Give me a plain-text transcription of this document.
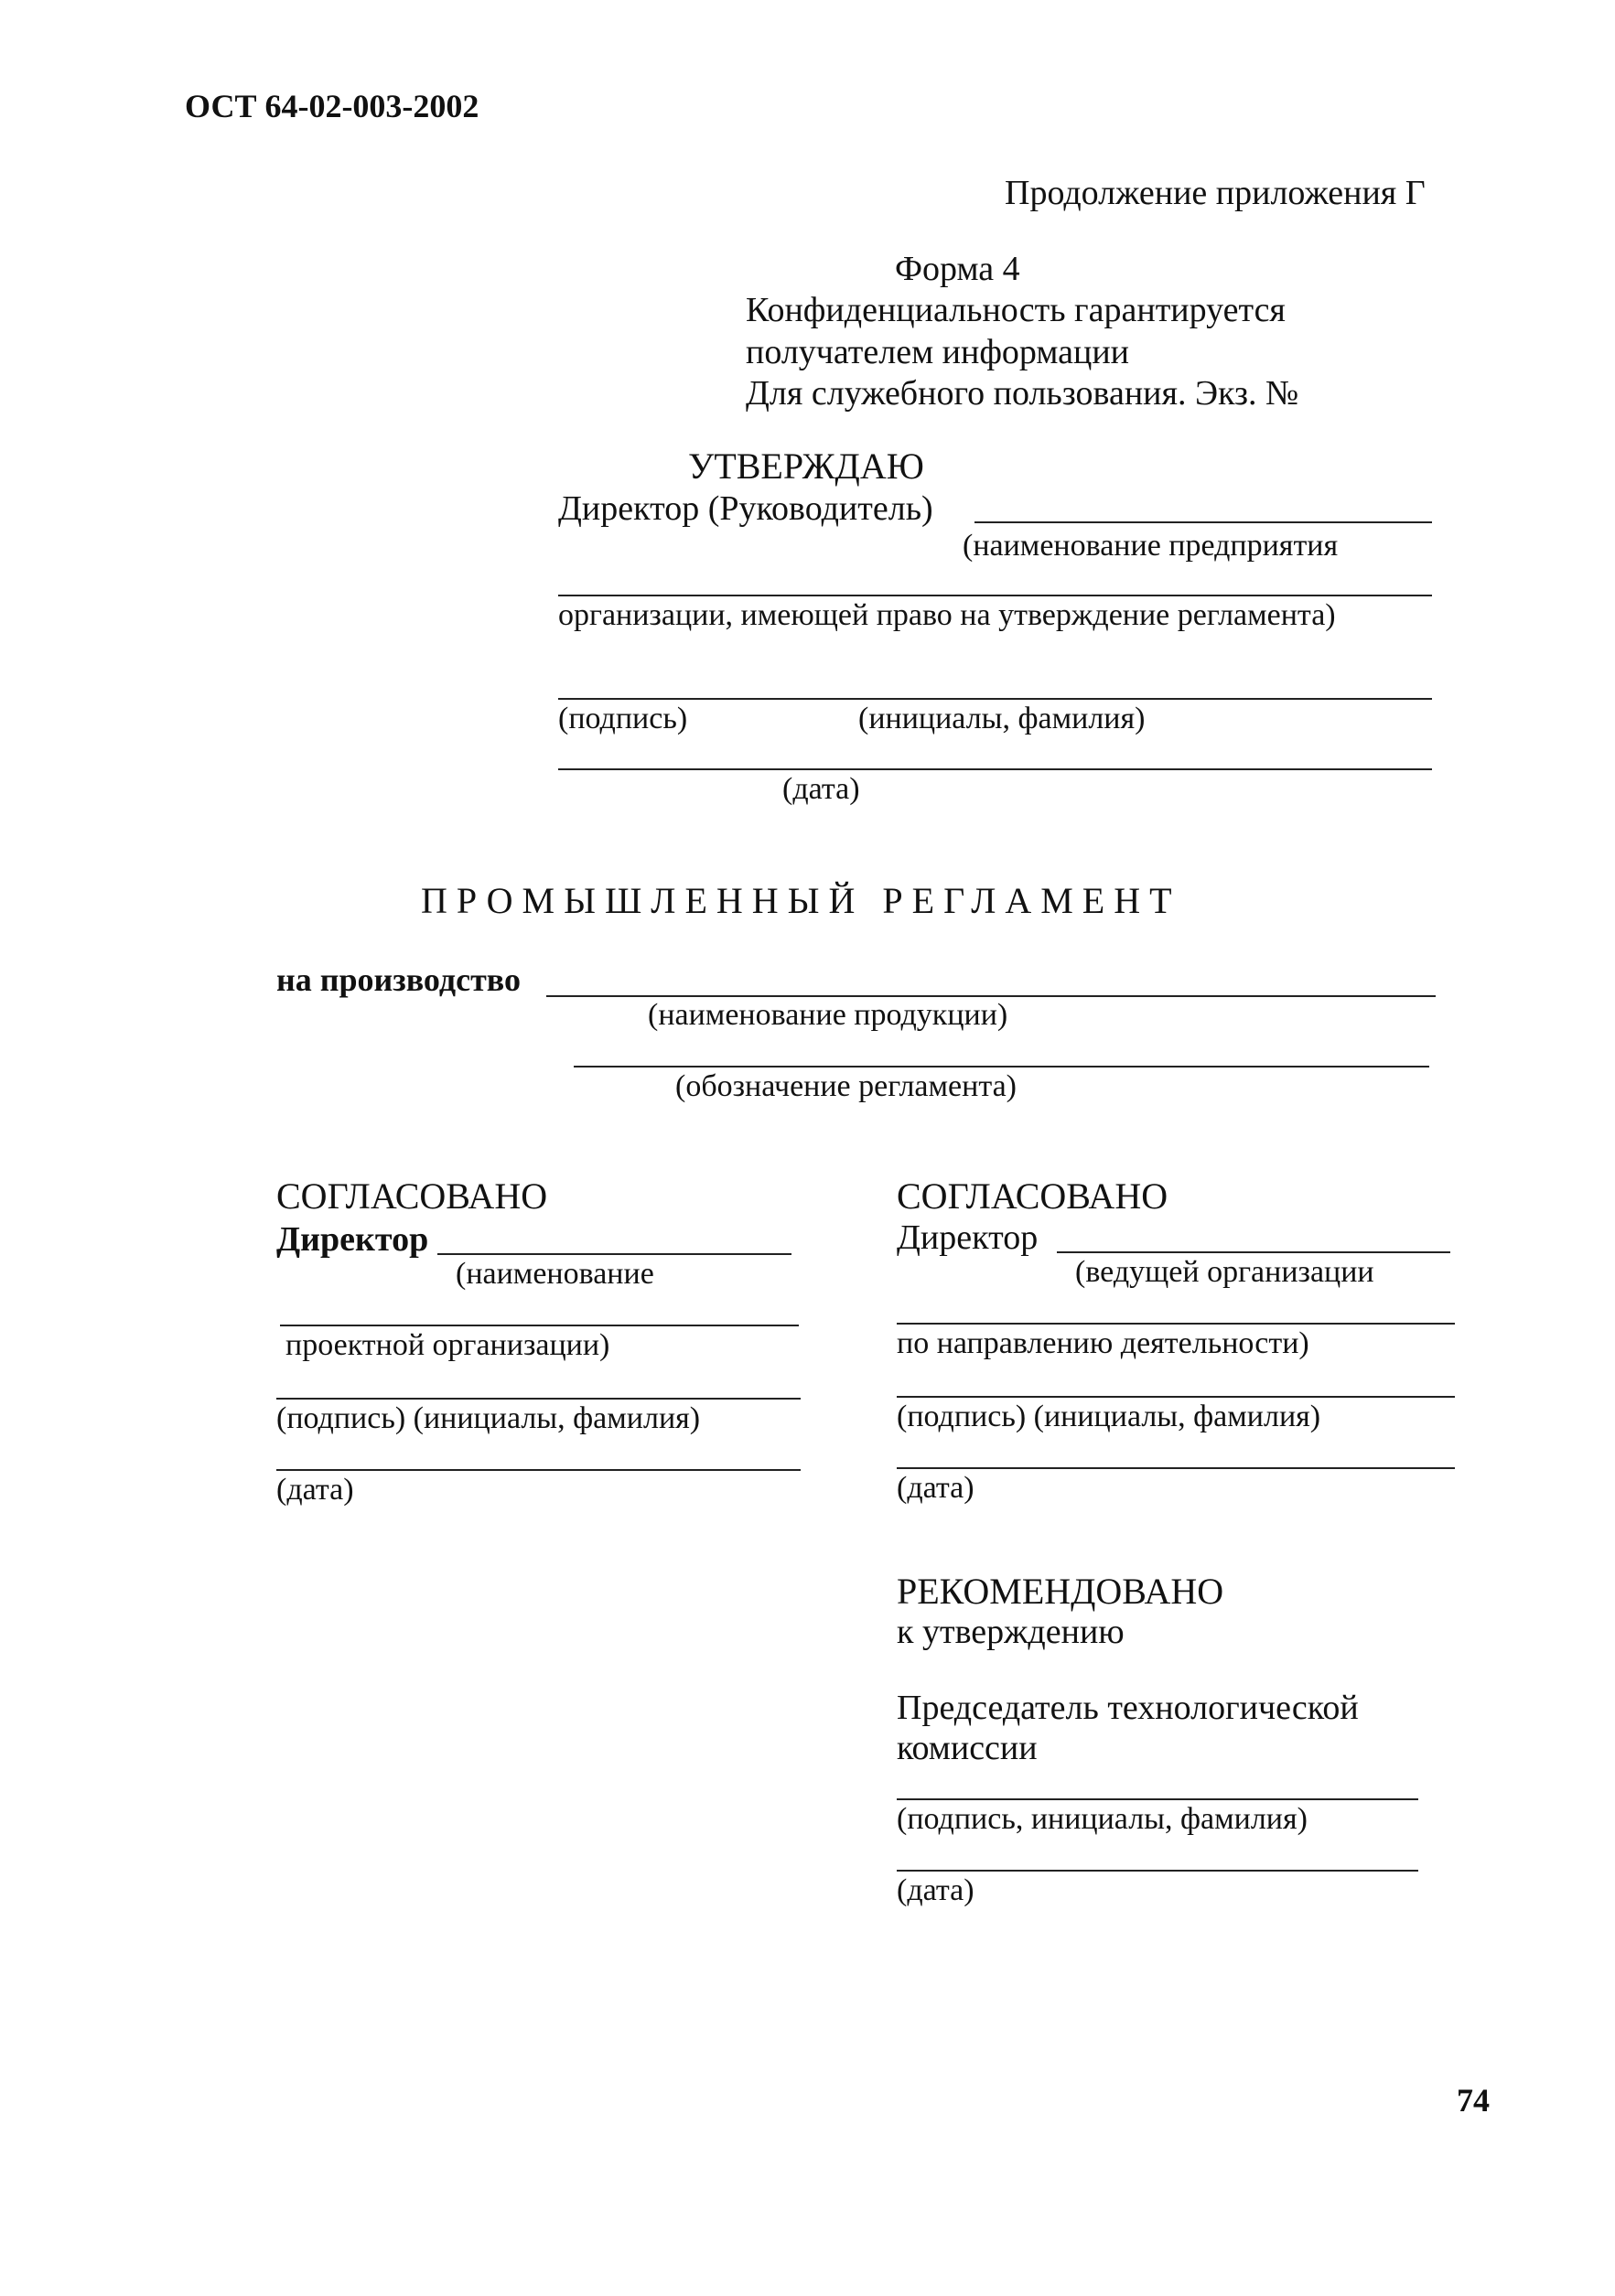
ОСТ 64-02-003-2002
Продолжение приложения Г
Форма 4
Конфиденциальность гарантируется
получателем информации
Для служебного пользования. Экз. №
УТВЕРЖДАЮ
Директор (Руководитель)
(наименование предприятия
организации, имеющей право на утверждение регламента)
(подпись)	(инициалы, фамилия)
(дата)
ПРОМЫШЛЕННЫЙ РЕГЛАМЕНТ
на производство
(наименование продукции)
(обозначение регламента)
СОГЛАСОВАНО
Директор
(наименование
проектной организации)
(подпись) (инициалы, фамилия)
(дата)
СОГЛАСОВАНО
Директор
(ведущей организации
по направлению деятельности)
(подпись) (инициалы, фамилия)
(дата)
РЕКОМЕНДОВАНО
к утверждению
Председатель технологической
комиссии
(подпись, инициалы, фамилия)
(дата)
74
